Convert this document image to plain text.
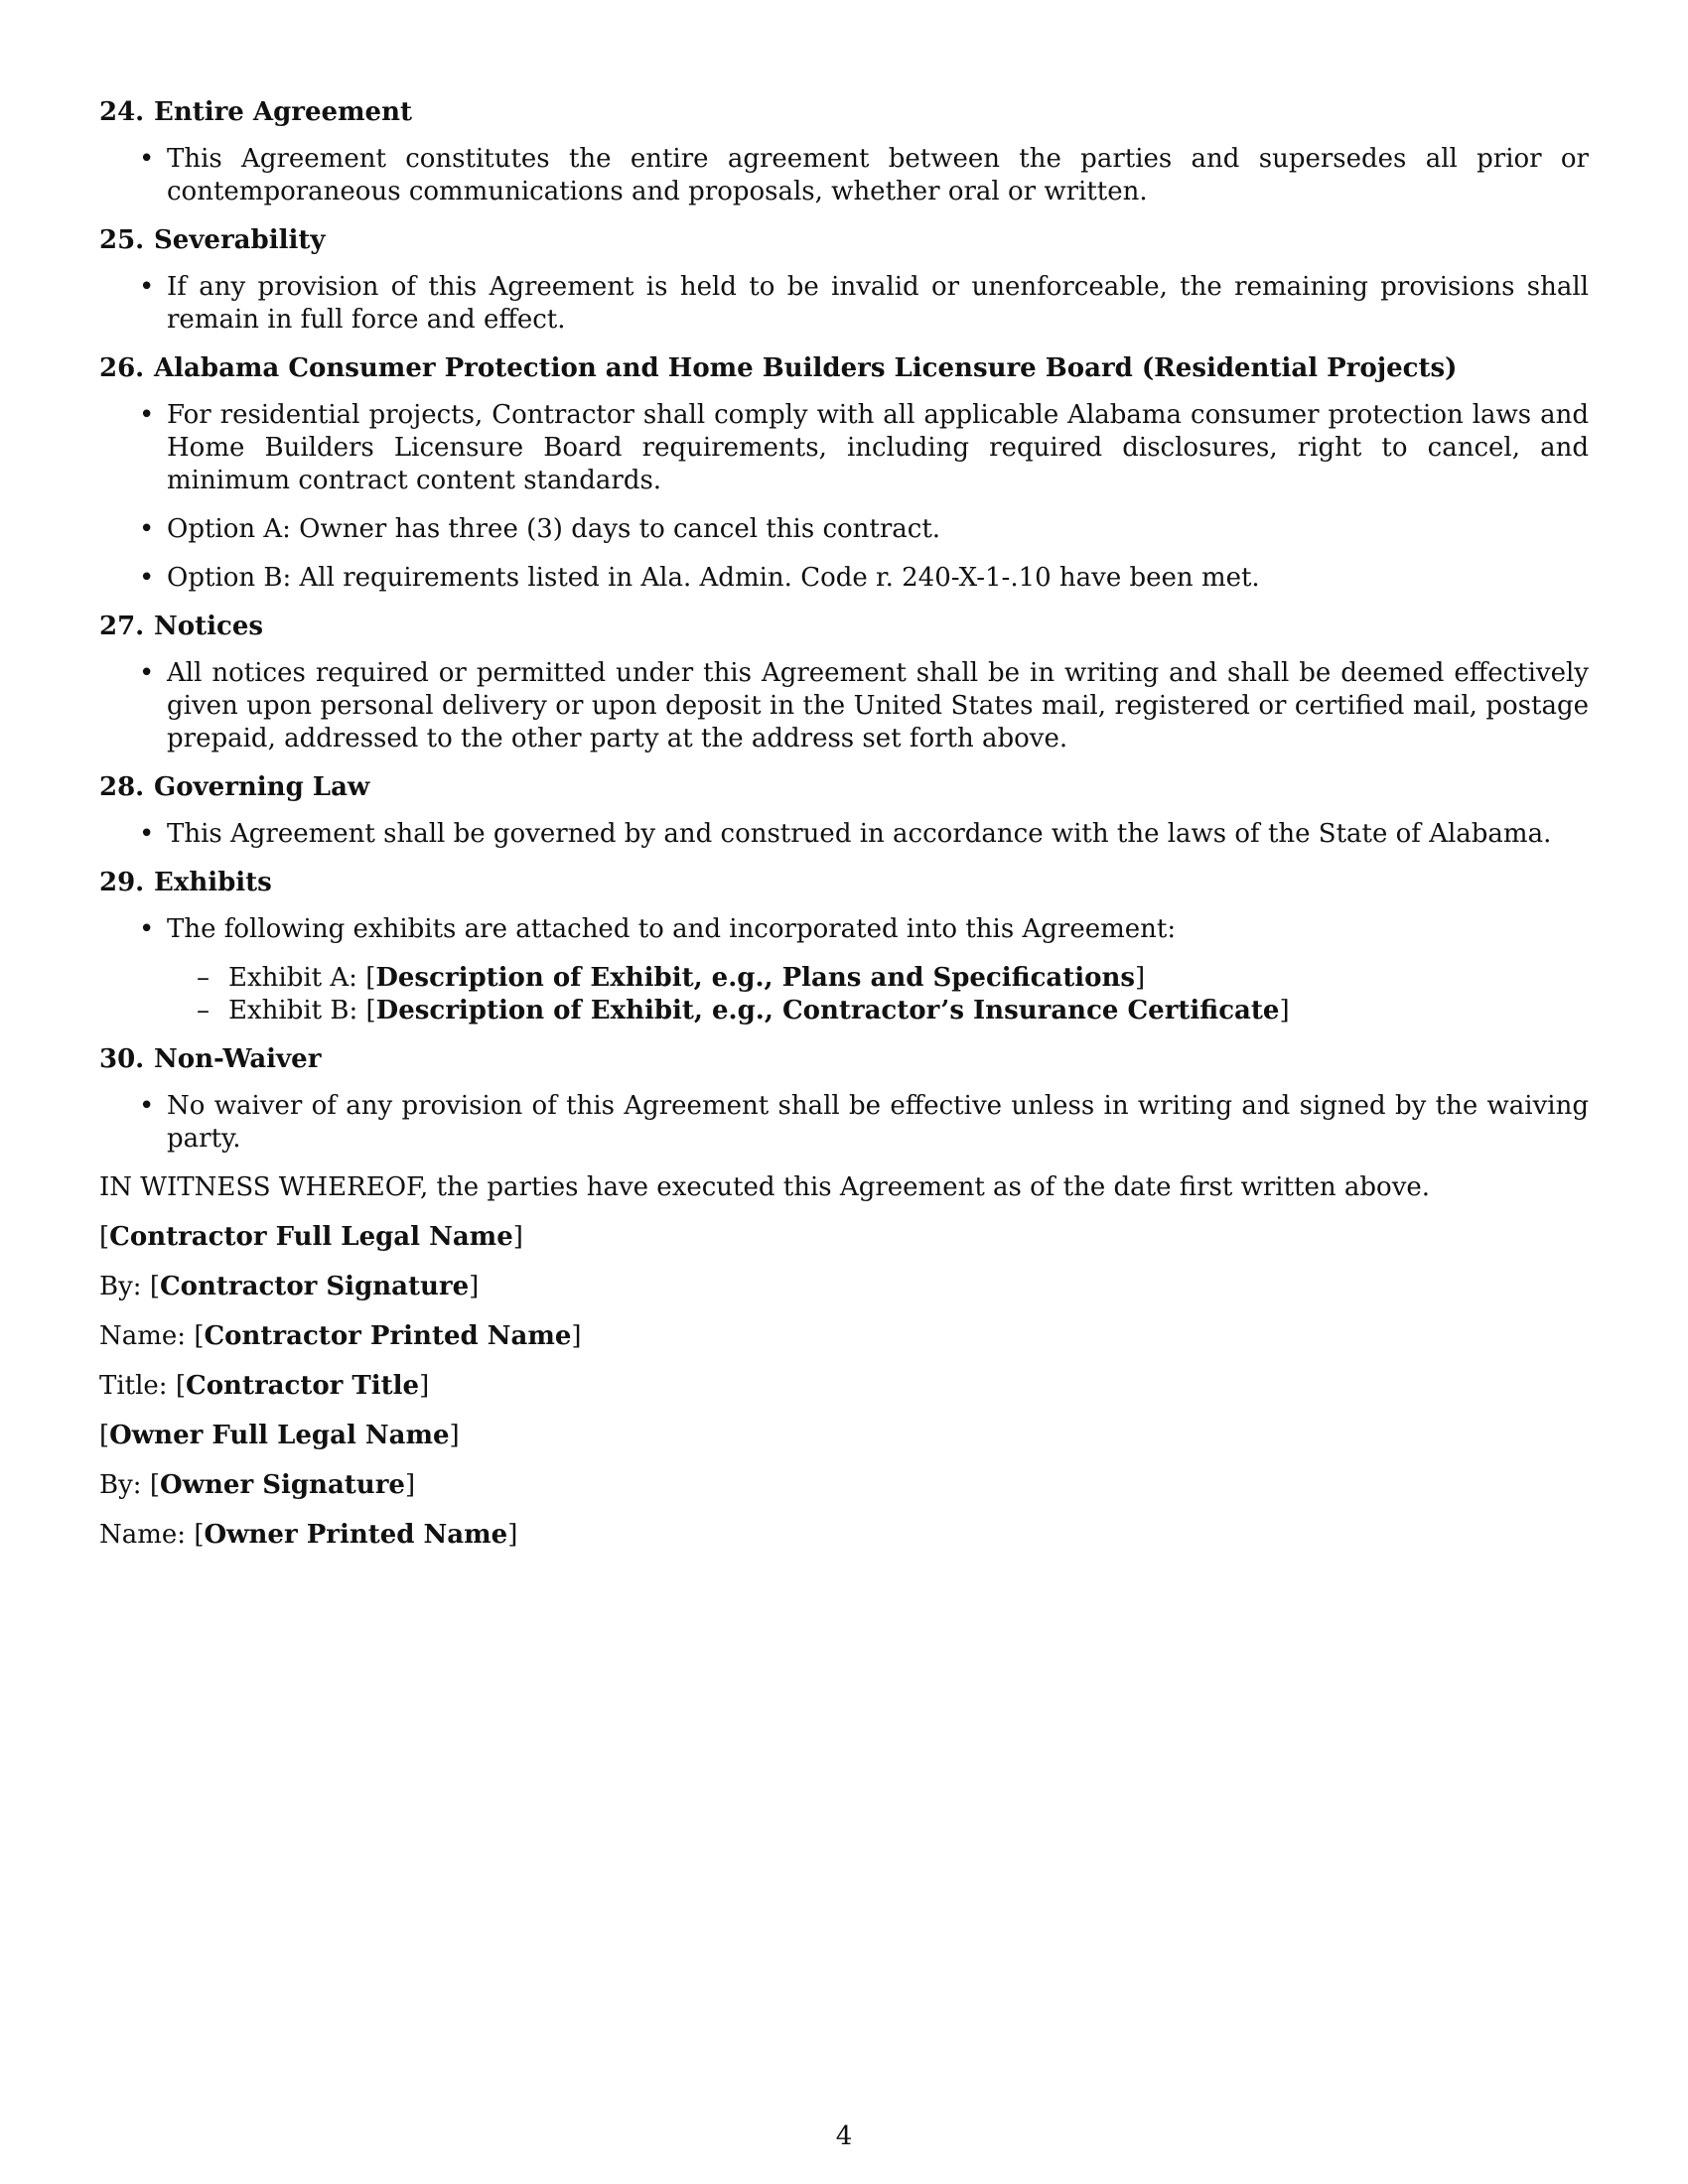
24. Entire Agreement
• This Agreement constitutes the entire agreement between the parties and supersedes all prior or contemporaneous communications and proposals, whether oral or written.
25. Severability
• If any provision of this Agreement is held to be invalid or unenforceable, the remaining provisions shall remain in full force and effect.
26. Alabama Consumer Protection and Home Builders Licensure Board (Residential Projects)
• For residential projects, Contractor shall comply with all applicable Alabama consumer protection laws and Home Builders Licensure Board requirements, including required disclosures, right to cancel, and minimum contract content standards.
• Option A: Owner has three (3) days to cancel this contract.
• Option B: All requirements listed in Ala. Admin. Code r. 240-X-1-.10 have been met.
27. Notices
• All notices required or permitted under this Agreement shall be in writing and shall be deemed effectively given upon personal delivery or upon deposit in the United States mail, registered or certified mail, postage prepaid, addressed to the other party at the address set forth above.
28. Governing Law
• This Agreement shall be governed by and construed in accordance with the laws of the State of Alabama.
29. Exhibits
• The following exhibits are attached to and incorporated into this Agreement:
– Exhibit A: [Description of Exhibit, e.g., Plans and Specifications]
– Exhibit B: [Description of Exhibit, e.g., Contractor’s Insurance Certificate]
30. Non-Waiver
• No waiver of any provision of this Agreement shall be effective unless in writing and signed by the waiving party.
IN WITNESS WHEREOF, the parties have executed this Agreement as of the date first written above.
[Contractor Full Legal Name]
By: [Contractor Signature]
Name: [Contractor Printed Name]
Title: [Contractor Title]
[Owner Full Legal Name]
By: [Owner Signature]
Name: [Owner Printed Name]
4
